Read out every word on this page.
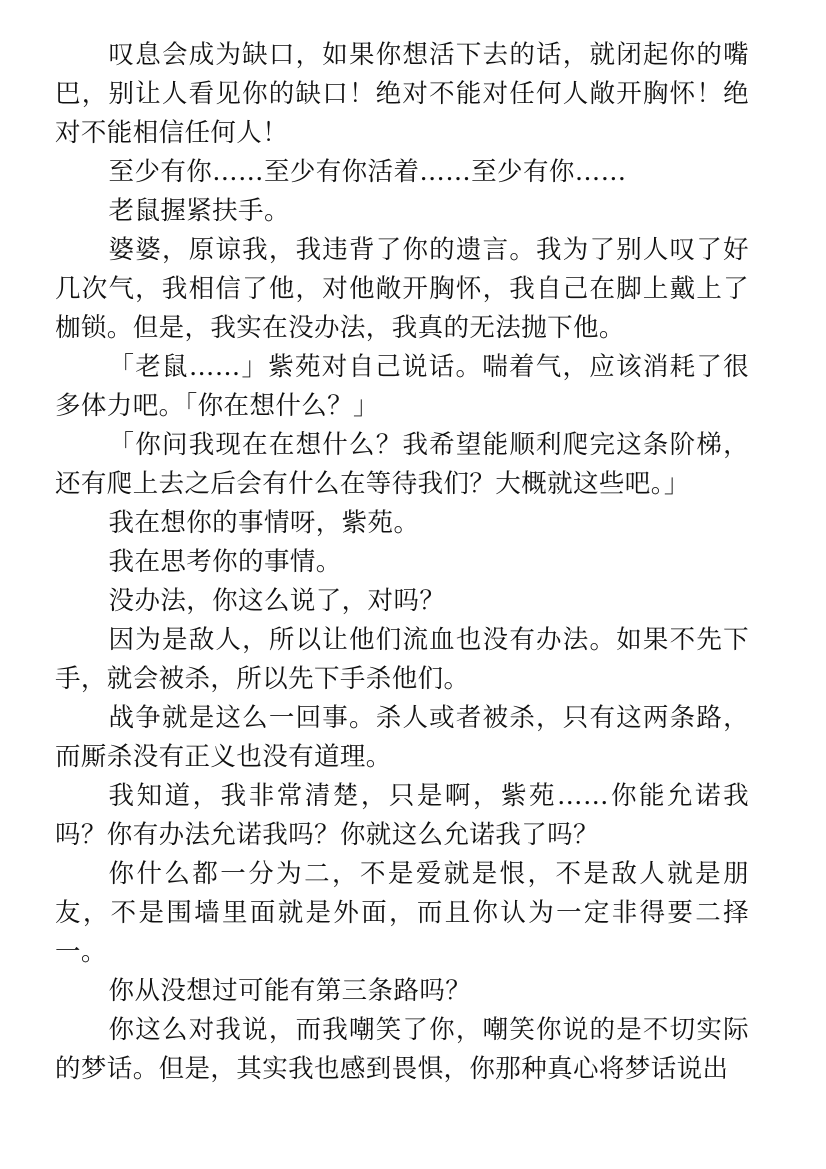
叹息会成为缺口，如果你想活下去的话，就闭起你的嘴巴，别让人看见你的缺口！绝对不能对任何人敞开胸怀！绝对不能相信任何人！

至少有你……至少有你活着……至少有你……

老鼠握紧扶手。

婆婆，原谅我，我违背了你的遗言。我为了别人叹了好几次气，我相信了他，对他敞开胸怀，我自己在脚上戴上了枷锁。但是，我实在没办法，我真的无法抛下他。

「老鼠……」紫苑对自己说话。喘着气，应该消耗了很多体力吧。「你在想什么？」

「你问我现在在想什么？我希望能顺利爬完这条阶梯，还有爬上去之后会有什么在等待我们？大概就这些吧。」

我在想你的事情呀，紫苑。

我在思考你的事情。

没办法，你这么说了，对吗？

因为是敌人，所以让他们流血也没有办法。如果不先下手，就会被杀，所以先下手杀他们。

战争就是这么一回事。杀人或者被杀，只有这两条路，而厮杀没有正义也没有道理。

我知道，我非常清楚，只是啊，紫苑……你能允诺我吗？你有办法允诺我吗？你就这么允诺我了吗？

你什么都一分为二，不是爱就是恨，不是敌人就是朋友，不是围墙里面就是外面，而且你认为一定非得要二择一。

你从没想过可能有第三条路吗？

你这么对我说，而我嘲笑了你，嘲笑你说的是不切实际的梦话。但是，其实我也感到畏惧，你那种真心将梦话说出
